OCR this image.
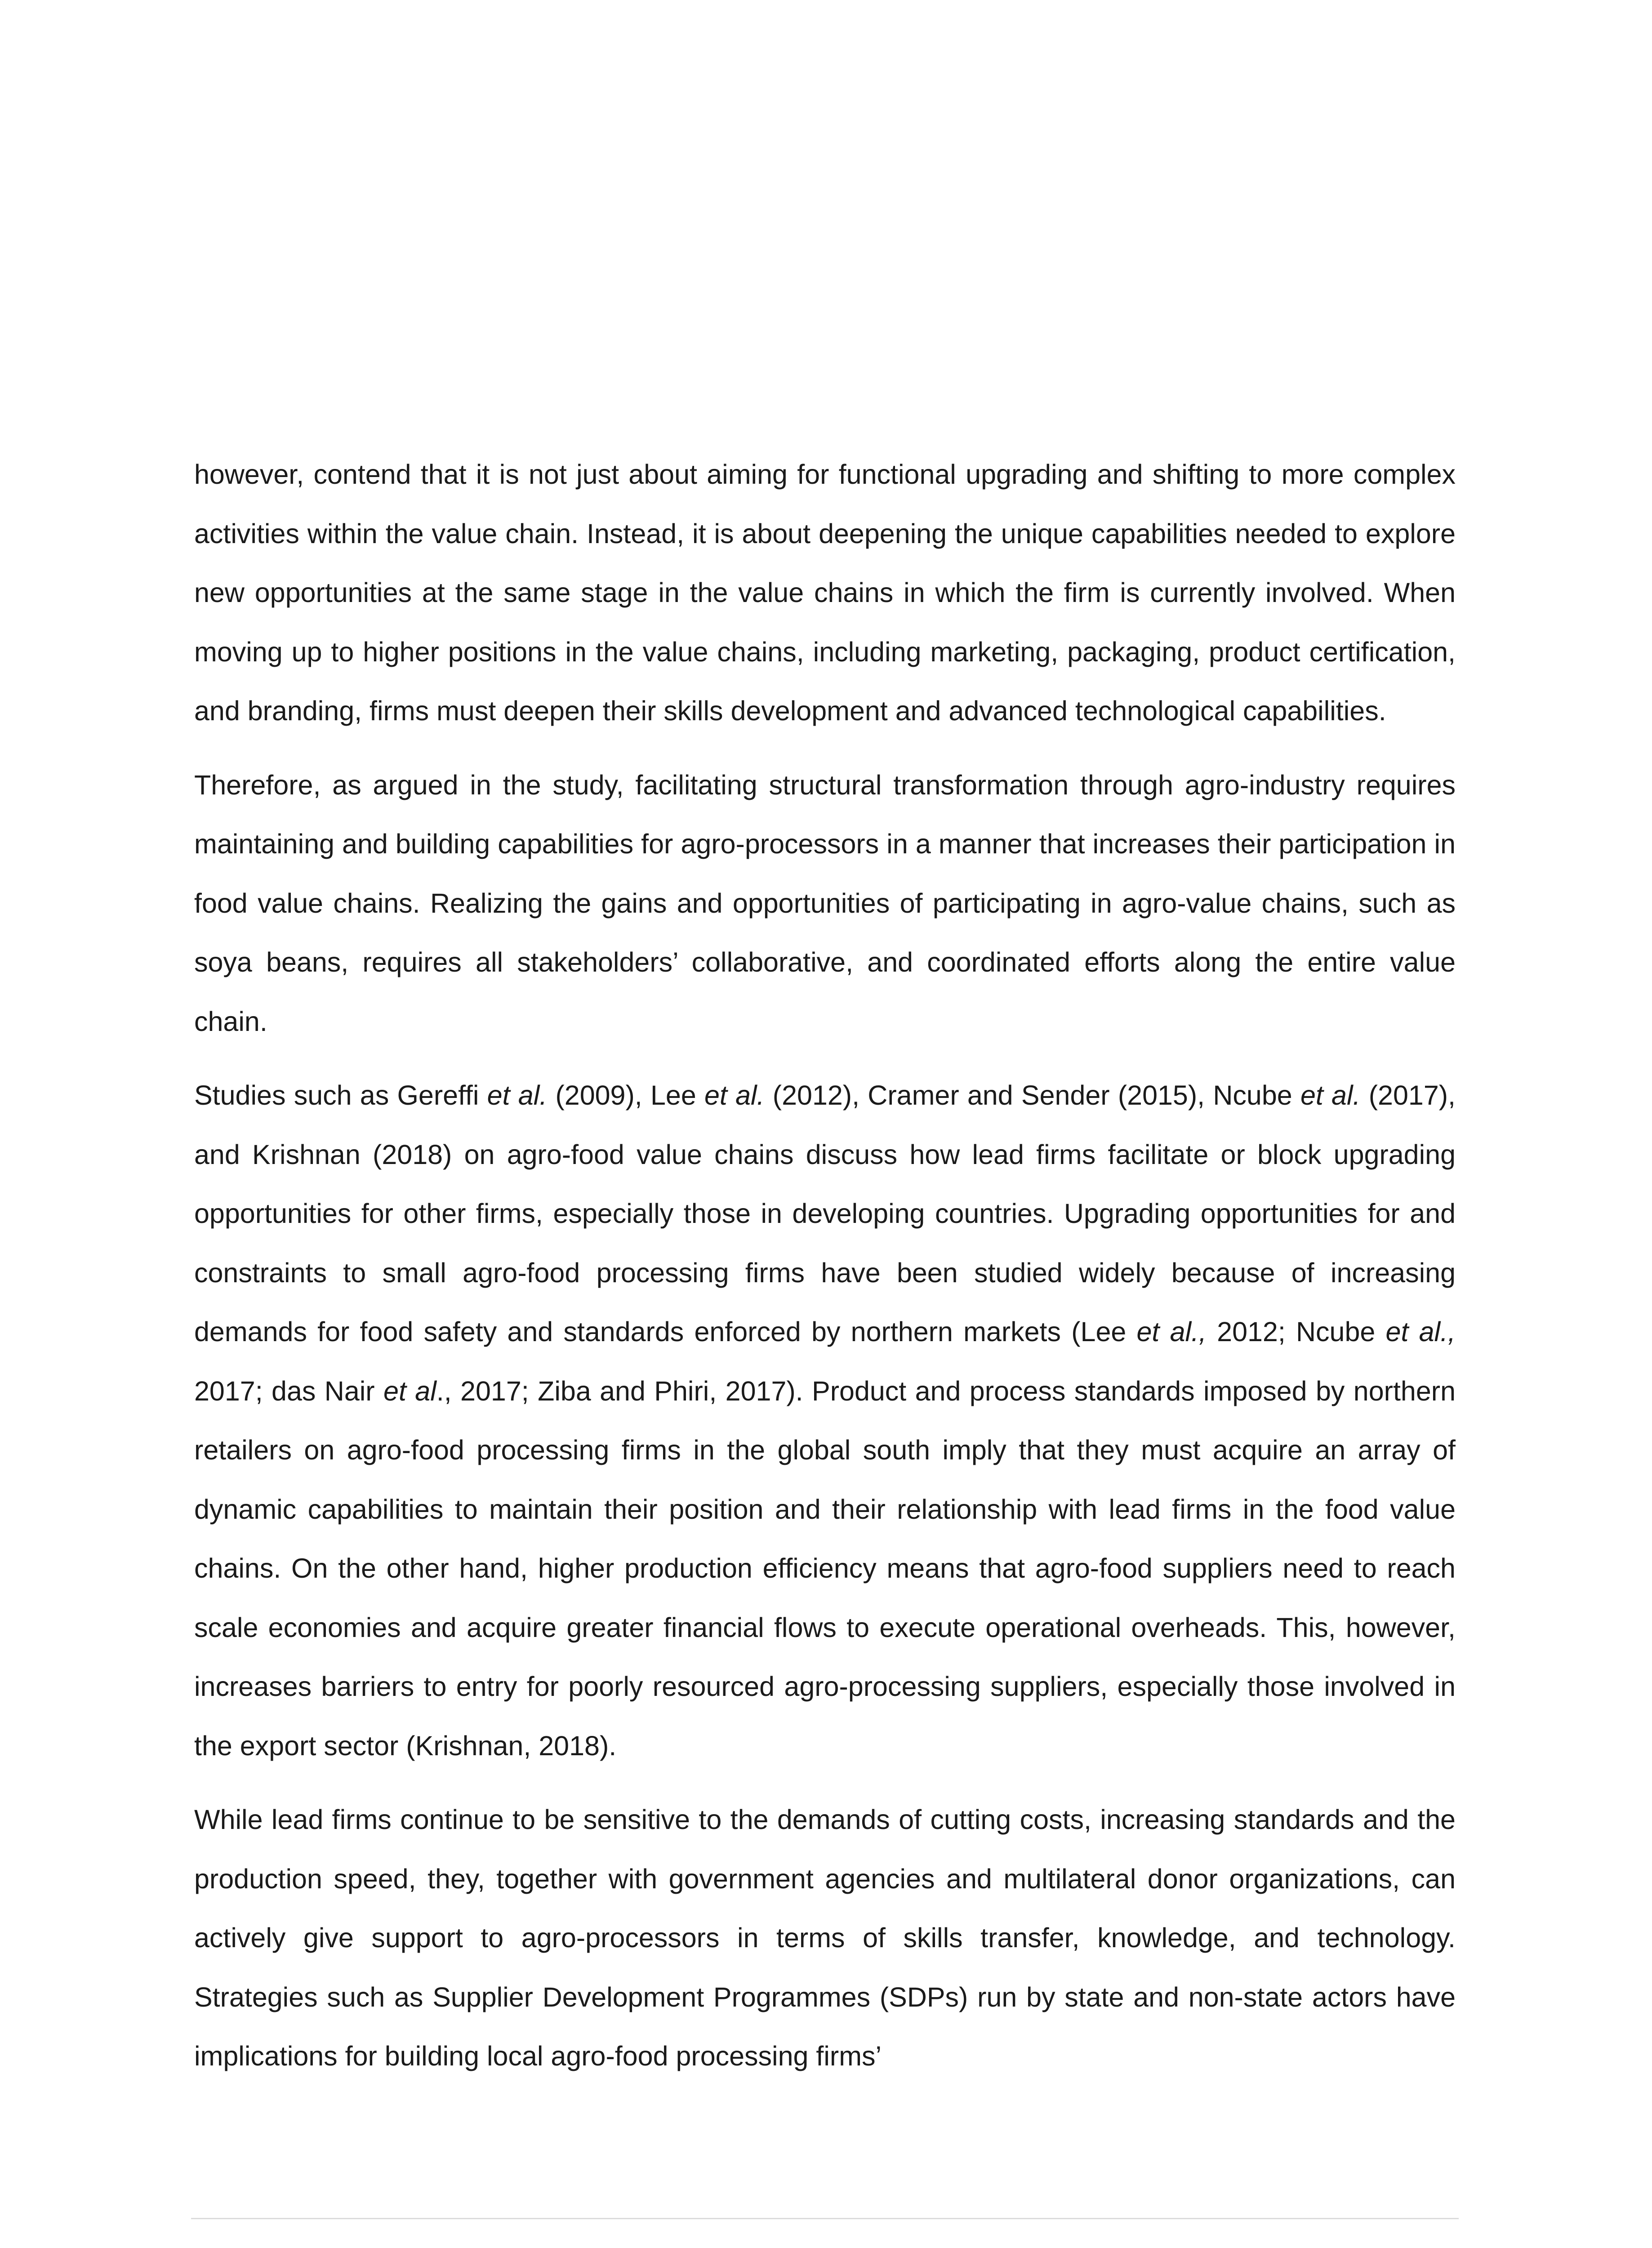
however, contend that it is not just about aiming for functional upgrading and shifting to more complex activities within the value chain. Instead, it is about deepening the unique capabilities needed to explore new opportunities at the same stage in the value chains in which the firm is currently involved. When moving up to higher positions in the value chains, including marketing, packaging, product certification, and branding, firms must deepen their skills development and advanced technological capabilities.

Therefore, as argued in the study, facilitating structural transformation through agro-industry requires maintaining and building capabilities for agro-processors in a manner that increases their participation in food value chains. Realizing the gains and opportunities of participating in agro-value chains, such as soya beans, requires all stakeholders’ collaborative, and coordinated efforts along the entire value chain.

Studies such as Gereffi et al. (2009), Lee et al. (2012), Cramer and Sender (2015), Ncube et al. (2017), and Krishnan (2018) on agro-food value chains discuss how lead firms facilitate or block upgrading opportunities for other firms, especially those in developing countries. Upgrading opportunities for and constraints to small agro-food processing firms have been studied widely because of increasing demands for food safety and standards enforced by northern markets (Lee et al., 2012; Ncube et al., 2017; das Nair et al., 2017; Ziba and Phiri, 2017). Product and process standards imposed by northern retailers on agro-food processing firms in the global south imply that they must acquire an array of dynamic capabilities to maintain their position and their relationship with lead firms in the food value chains. On the other hand, higher production efficiency means that agro-food suppliers need to reach scale economies and acquire greater financial flows to execute operational overheads. This, however, increases barriers to entry for poorly resourced agro-processing suppliers, especially those involved in the export sector (Krishnan, 2018).

While lead firms continue to be sensitive to the demands of cutting costs, increasing standards and the production speed, they, together with government agencies and multilateral donor organizations, can actively give support to agro-processors in terms of skills transfer, knowledge, and technology. Strategies such as Supplier Development Programmes (SDPs) run by state and non-state actors have implications for building local agro-food processing firms’
